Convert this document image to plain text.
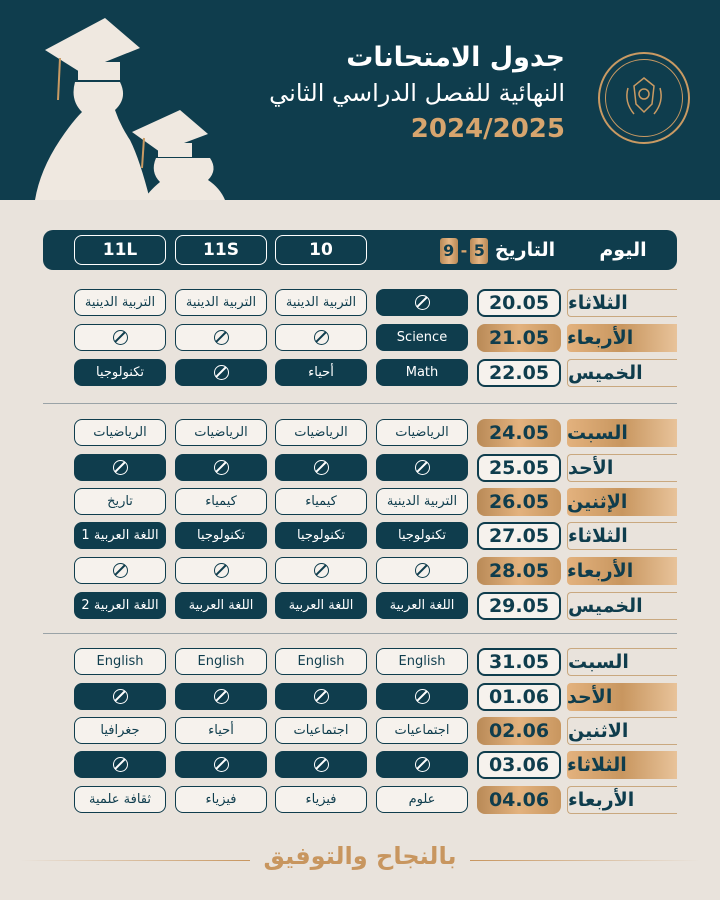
جدول الامتحانات
النهائية للفصل الدراسي الثاني
2024/2025
اليوم
التاريخ
9 - 5
10
11S
11L
الثلاثاء
20.05
التربية الدينية
التربية الدينية
التربية الدينية
الأربعاء
21.05
Science
الخميس
22.05
Math
أحياء
تكنولوجيا
السبت
24.05
الرياضيات
الرياضيات
الرياضيات
الرياضيات
الأحد
25.05
الإثنين
26.05
التربية الدينية
كيمياء
كيمياء
تاريخ
الثلاثاء
27.05
تكنولوجيا
تكنولوجيا
تكنولوجيا
اللغة العربية 1
الأربعاء
28.05
الخميس
29.05
اللغة العربية
اللغة العربية
اللغة العربية
اللغة العربية 2
السبت
31.05
English
English
English
English
الأحد
01.06
الاثنين
02.06
اجتماعيات
اجتماعيات
أحياء
جغرافيا
الثلاثاء
03.06
الأربعاء
04.06
علوم
فيزياء
فيزياء
ثقافة علمية
بالنجاح والتوفيق
